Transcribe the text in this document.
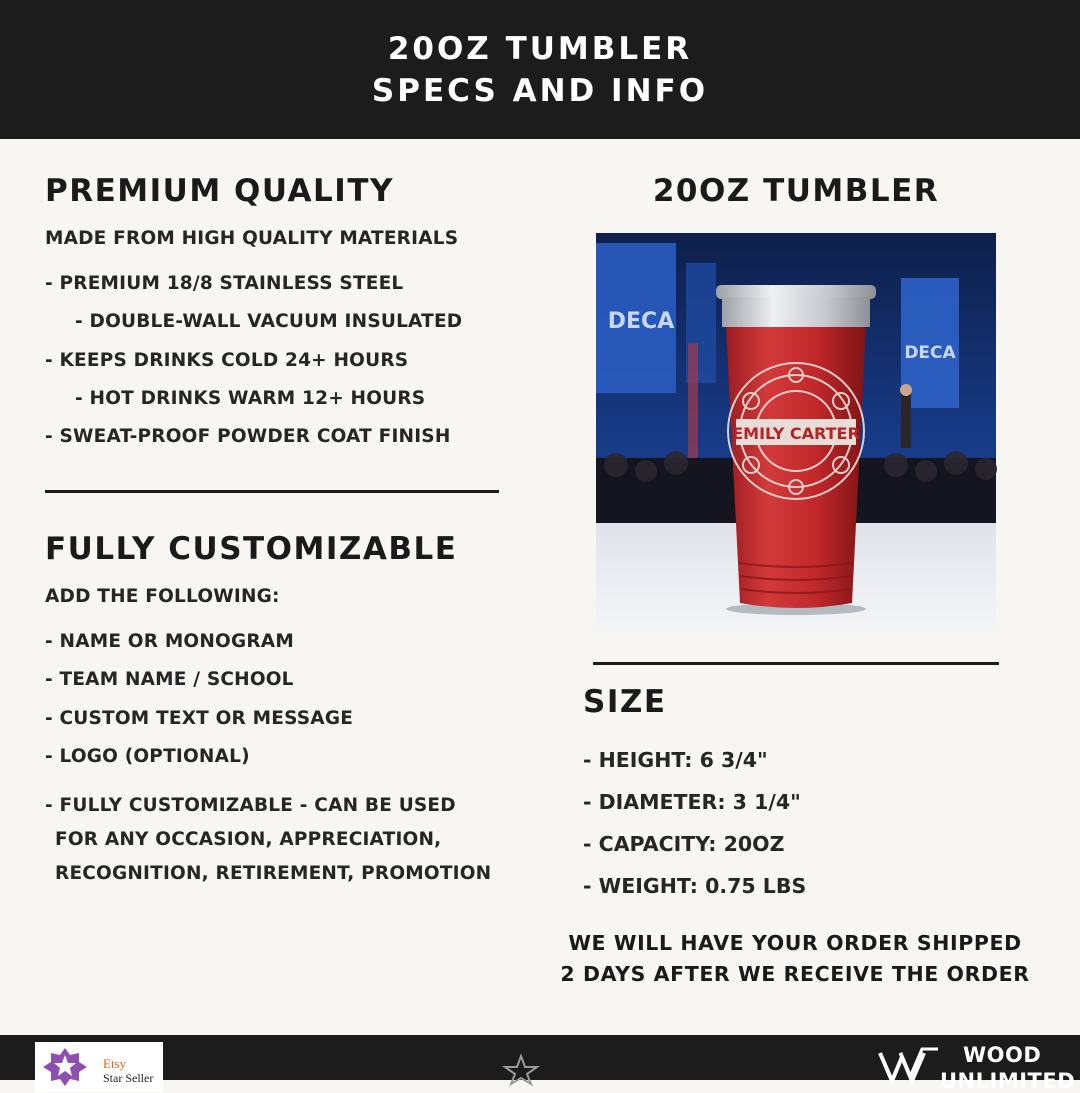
20OZ TUMBLER
SPECS AND INFO
PREMIUM QUALITY
MADE FROM HIGH QUALITY MATERIALS
- PREMIUM 18/8 STAINLESS STEEL
- DOUBLE-WALL VACUUM INSULATED
- KEEPS DRINKS COLD 24+ HOURS
- HOT DRINKS WARM 12+ HOURS
- SWEAT-PROOF POWDER COAT FINISH
FULLY CUSTOMIZABLE
ADD THE FOLLOWING:
- NAME OR MONOGRAM
- TEAM NAME / SCHOOL
- CUSTOM TEXT OR MESSAGE
- LOGO (OPTIONAL)
- FULLY CUSTOMIZABLE - CAN BE USED
FOR ANY OCCASION, APPRECIATION,
RECOGNITION, RETIREMENT, PROMOTION
20OZ TUMBLER
DECA
DECA
EMILY CARTER
SIZE
- HEIGHT: 6 3/4"
- DIAMETER: 3 1/4"
- CAPACITY: 20OZ
- WEIGHT: 0.75 LBS
WE WILL HAVE YOUR ORDER SHIPPED
2 DAYS AFTER WE RECEIVE THE ORDER
Etsy
Star Seller
WOOD
UNLIMITED
